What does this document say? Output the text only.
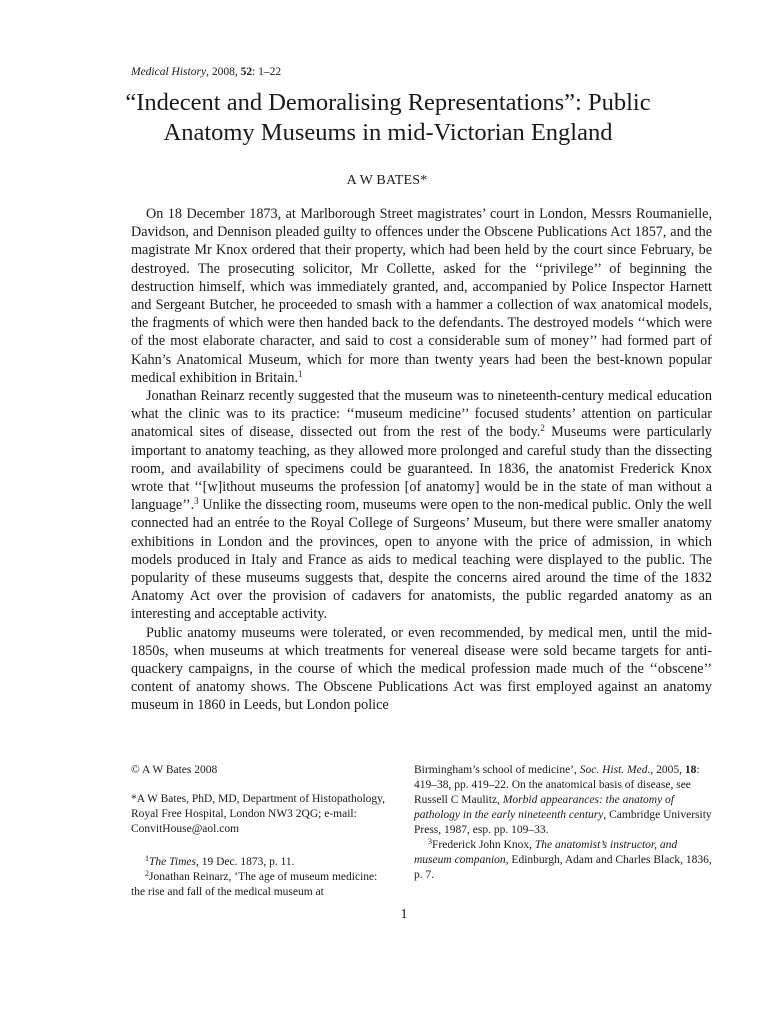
Medical History, 2008, 52: 1–22
“Indecent and Demoralising Representations”: Public Anatomy Museums in mid-Victorian England
A W BATES*

On 18 December 1873, at Marlborough Street magistrates’ court in London, Messrs Roumanielle, Davidson, and Dennison pleaded guilty to offences under the Obscene Publications Act 1857, and the magistrate Mr Knox ordered that their property, which had been held by the court since February, be destroyed. The prosecuting solicitor, Mr Collette, asked for the ‘‘privilege’’ of beginning the destruction himself, which was immediately granted, and, accompanied by Police Inspector Harnett and Sergeant Butcher, he proceeded to smash with a hammer a collection of wax anatomical models, the fragments of which were then handed back to the defendants. The destroyed models ‘‘which were of the most elaborate character, and said to cost a considerable sum of money’’ had formed part of Kahn’s Anatomical Museum, which for more than twenty years had been the best-known popular medical exhibition in Britain.$^1$

Jonathan Reinarz recently suggested that the museum was to nineteenth-century medical education what the clinic was to its practice: ‘‘museum medicine’’ focused students’ attention on particular anatomical sites of disease, dissected out from the rest of the body.$^2$ Museums were particularly important to anatomy teaching, as they allowed more prolonged and careful study than the dissecting room, and availability of specimens could be guaranteed. In 1836, the anatomist Frederick Knox wrote that ‘‘[w]ithout museums the profession [of anatomy] would be in the state of man without a language’’.$^3$ Unlike the dissecting room, museums were open to the non-medical public. Only the well connected had an entrée to the Royal College of Surgeons’ Museum, but there were smaller anatomy exhibitions in London and the provinces, open to anyone with the price of admission, in which models produced in Italy and France as aids to medical teaching were displayed to the public. The popularity of these museums suggests that, despite the concerns aired around the time of the 1832 Anatomy Act over the provision of cadavers for anatomists, the public regarded anatomy as an interesting and acceptable activity.

Public anatomy museums were tolerated, or even recommended, by medical men, until the mid-1850s, when museums at which treatments for venereal disease were sold became targets for anti-quackery campaigns, in the course of which the medical profession made much of the ‘‘obscene’’ content of anatomy shows. The Obscene Publications Act was first employed against an anatomy museum in 1860 in Leeds, but London police

© A W Bates 2008

*A W Bates, PhD, MD, Department of Histopathology, Royal Free Hospital, London NW3 2QG; e-mail: ConvitHouse@aol.com

$^1$The Times, 19 Dec. 1873, p. 11.

$^2$Jonathan Reinarz, ‘The age of museum medicine: the rise and fall of the medical museum at

Birmingham’s school of medicine’, Soc. Hist. Med., 2005, 18: 419–38, pp. 419–22. On the anatomical basis of disease, see Russell C Maulitz, Morbid appearances: the anatomy of pathology in the early nineteenth century, Cambridge University Press, 1987, esp. pp. 109–33.

$^3$Frederick John Knox, The anatomist’s instructor, and museum companion, Edinburgh, Adam and Charles Black, 1836, p. 7.

1
